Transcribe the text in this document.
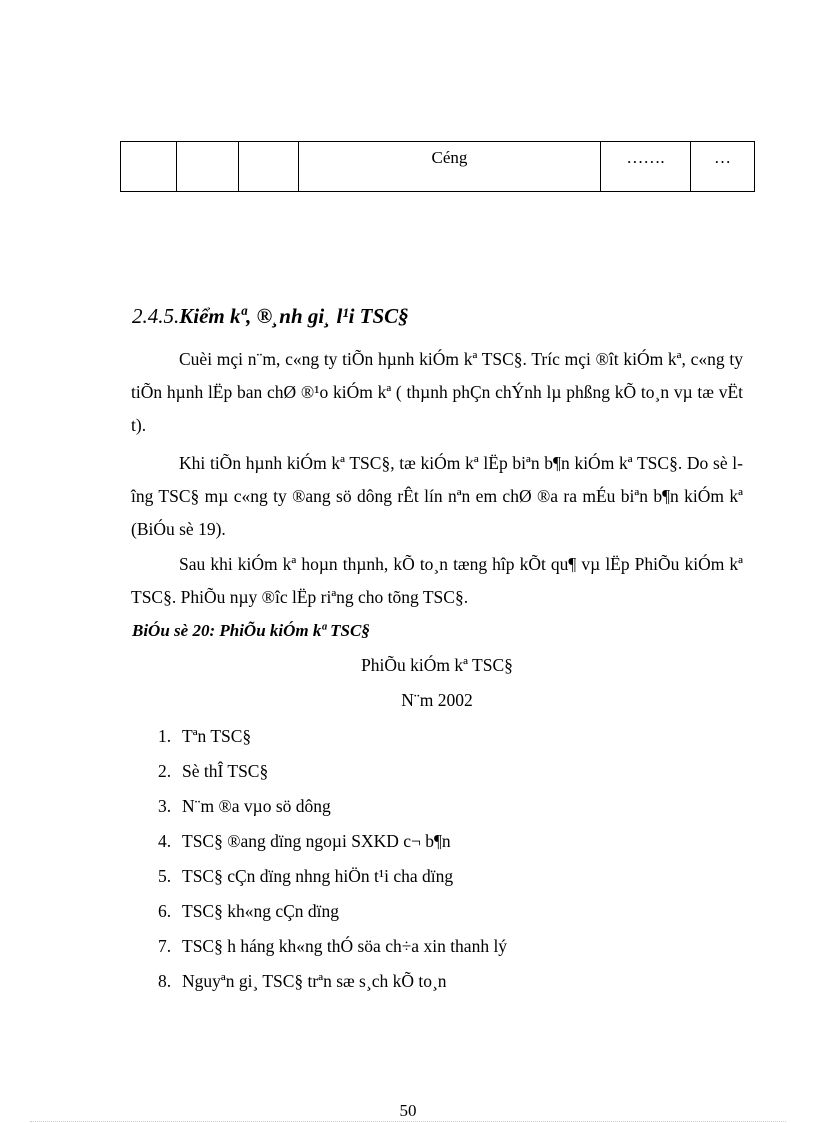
			Céng	…….	…
2.4.5.Kiểm kª, ®¸nh gi¸ l¹i TSC§

Cuèi mçi n¨m, c«ng ty tiÕn hµnh kiÓm kª TSC§. Tríc mçi ®ît kiÓm kª, c«ng ty tiÕn hµnh lËp ban chØ ®¹o kiÓm kª ( thµnh phÇn chÝnh lµ phßng kÕ to¸n vµ tæ vËt t).

Khi tiÕn hµnh kiÓm kª TSC§, tæ kiÓm kª lËp biªn b¶n kiÓm kª TSC§. Do sè lîng TSC§ mµ c«ng ty ®ang sö dông rÊt lín nªn em chØ ®a ra mÉu biªn b¶n kiÓm kª (BiÓu sè 19).

Sau khi kiÓm kª hoµn thµnh, kÕ to¸n tæng hîp kÕt qu¶ vµ lËp PhiÕu kiÓm kª TSC§. PhiÕu nµy ®îc lËp riªng cho tõng TSC§.

BiÓu sè 20: PhiÕu kiÓm kª TSC§

PhiÕu kiÓm kª TSC§

N¨m 2002

1. Tªn TSC§
2. Sè thÎ TSC§
3. N¨m ®a vµo sö dông
4. TSC§ ®ang dïng ngoµi SXKD c¬ b¶n
5. TSC§ cÇn dïng nhng hiÖn t¹i cha dïng
6. TSC§ kh«ng cÇn dïng
7. TSC§ h háng kh«ng thÓ söa ch÷a xin thanh lý
8. Nguyªn gi¸ TSC§ trªn sæ s¸ch kÕ to¸n

50
